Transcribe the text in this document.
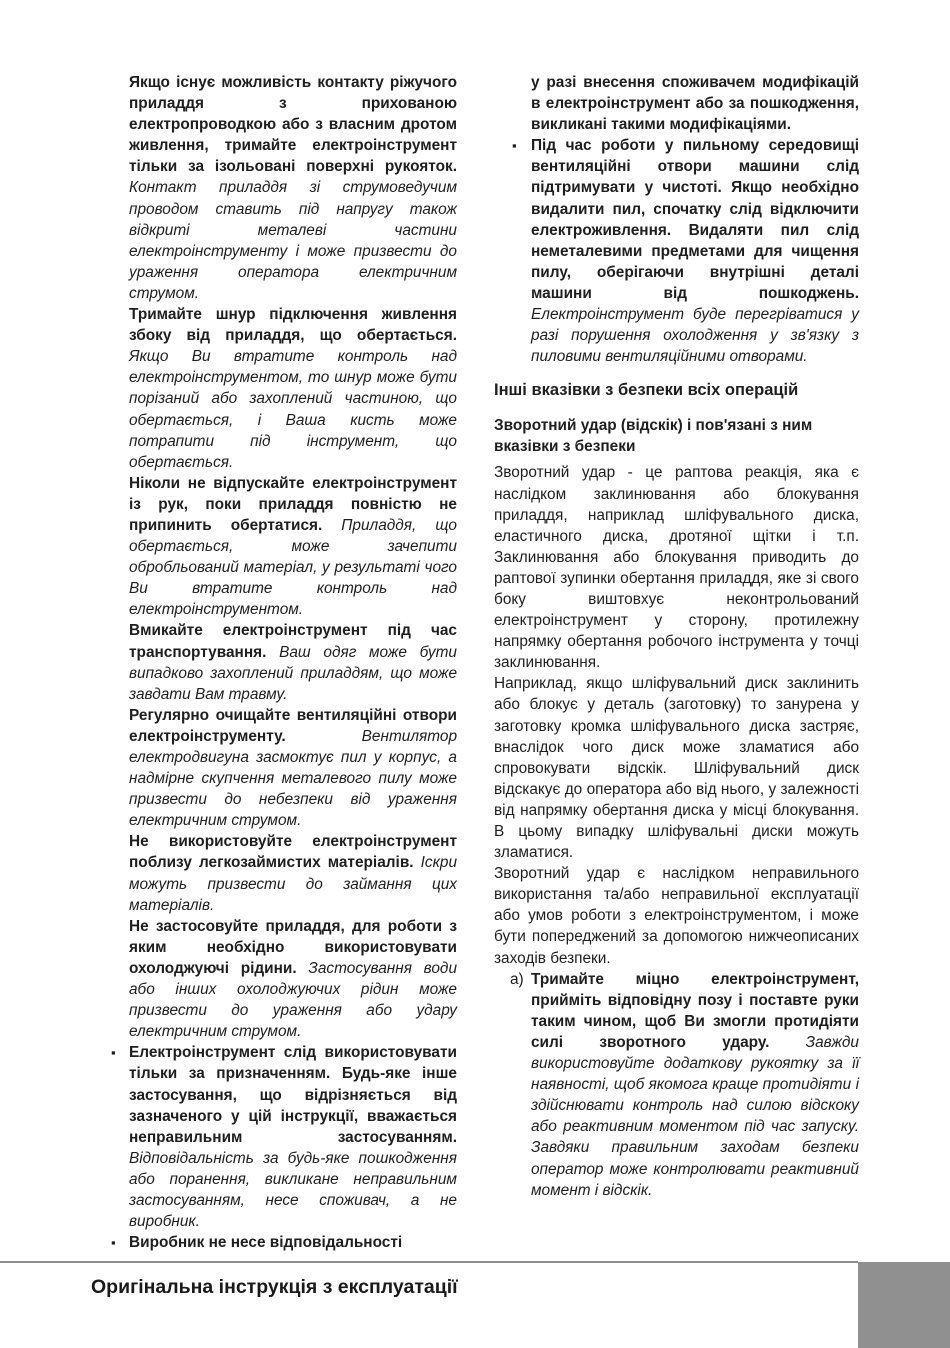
Якщо існує можливість контакту ріжучого приладдя з прихованою електропроводкою або з власним дротом живлення, тримайте електроінструмент тільки за ізольовані поверхні рукояток. Контакт приладдя зі струмоведучим проводом ставить під напругу також відкриті металеві частини електроінструменту і може призвести до ураження оператора електричним струмом.
Тримайте шнур підключення живлення збоку від приладдя, що обертається. Якщо Ви втратите контроль над електроінструментом, то шнур може бути порізаний або захоплений частиною, що обертається, і Ваша кисть може потрапити під інструмент, що обертається.
Ніколи не відпускайте електроінструмент із рук, поки приладдя повністю не припинить обертатися. Приладдя, що обертається, може зачепити обробльований матеріал, у результаті чого Ви втратите контроль над електроінструментом.
Вмикайте електроінструмент під час транспортування. Ваш одяг може бути випадково захоплений приладдям, що може завдати Вам травму.
Регулярно очищайте вентиляційні отвори електроінструменту.	Вентилятор електродвигуна засмоктує пил у корпус, а надмірне скупчення металевого пилу може призвести до небезпеки від ураження електричним струмом.
Не використовуйте електроінструмент поблизу легкозаймистих матеріалів. Іскри можуть призвести до займання цих матеріалів.
Не застосовуйте приладдя, для роботи з яким необхідно використовувати охолоджуючі рідини. Застосування води або інших охолоджуючих рідин може призвести до ураження або удару електричним струмом.
▪ Електроінструмент слід використовувати тільки за призначенням. Будь-яке інше застосування, що відрізняється від зазначеного у цій інструкції, вважається неправильним застосуванням. Відповідальність за будь-яке пошкодження або поранення, викликане неправильним застосуванням, несе споживач, а не виробник.
▪ Виробник не несе відповідальності
у разі внесення споживачем модифікацій в електроінструмент або за пошкодження, викликані такими модифікаціями.
▪ Під час роботи у пильному середовищі вентиляційні отвори машини слід підтримувати у чистоті. Якщо необхідно видалити пил, спочатку слід відключити електроживлення. Видаляти пил слід неметалевими предметами для чищення пилу, оберігаючи внутрішні деталі машини від пошкоджень. Електроінструмент буде перегріватися у разі порушення охолодження у зв'язку з пиловими вентиляційними отворами.
Інші вказівки з безпеки всіх операцій
Зворотний удар (відскік) і пов'язані з ним вказівки з безпеки
Зворотний удар - це раптова реакція, яка є наслідком заклинювання або блокування приладдя, наприклад шліфувального диска, еластичного диска, дротяної щітки і т.п. Заклинювання або блокування приводить до раптової зупинки обертання приладдя, яке зі свого боку виштовхує неконтрольований електроінструмент у сторону, протилежну напрямку обертання робочого інструмента у точці заклинювання.
Наприклад, якщо шліфувальний диск заклинить або блокує у деталь (заготовку) то занурена у заготовку кромка шліфувального диска застряє, внаслідок чого диск може зламатися або спровокувати відскік. Шліфувальний диск відскакує до оператора або від нього, у залежності від напрямку обертання диска у місці блокування. В цьому випадку шліфувальні диски можуть зламатися.
Зворотний удар є наслідком неправильного використання та/або неправильної експлуатації або умов роботи з електроінструментом, і може бути попереджений за допомогою нижчеописаних заходів безпеки.
a) Тримайте міцно електроінструмент, прийміть відповідну позу і поставте руки таким чином, щоб Ви змогли протидіяти силі зворотного удару. Завжди використовуйте додаткову рукоятку за її наявності, щоб якомога краще протидіяти і здійснювати контроль над силою відскоку або реактивним моментом під час запуску. Завдяки правильним заходам безпеки оператор може контролювати реактивний момент і відскік.
Оригінальна інструкція з експлуатації
